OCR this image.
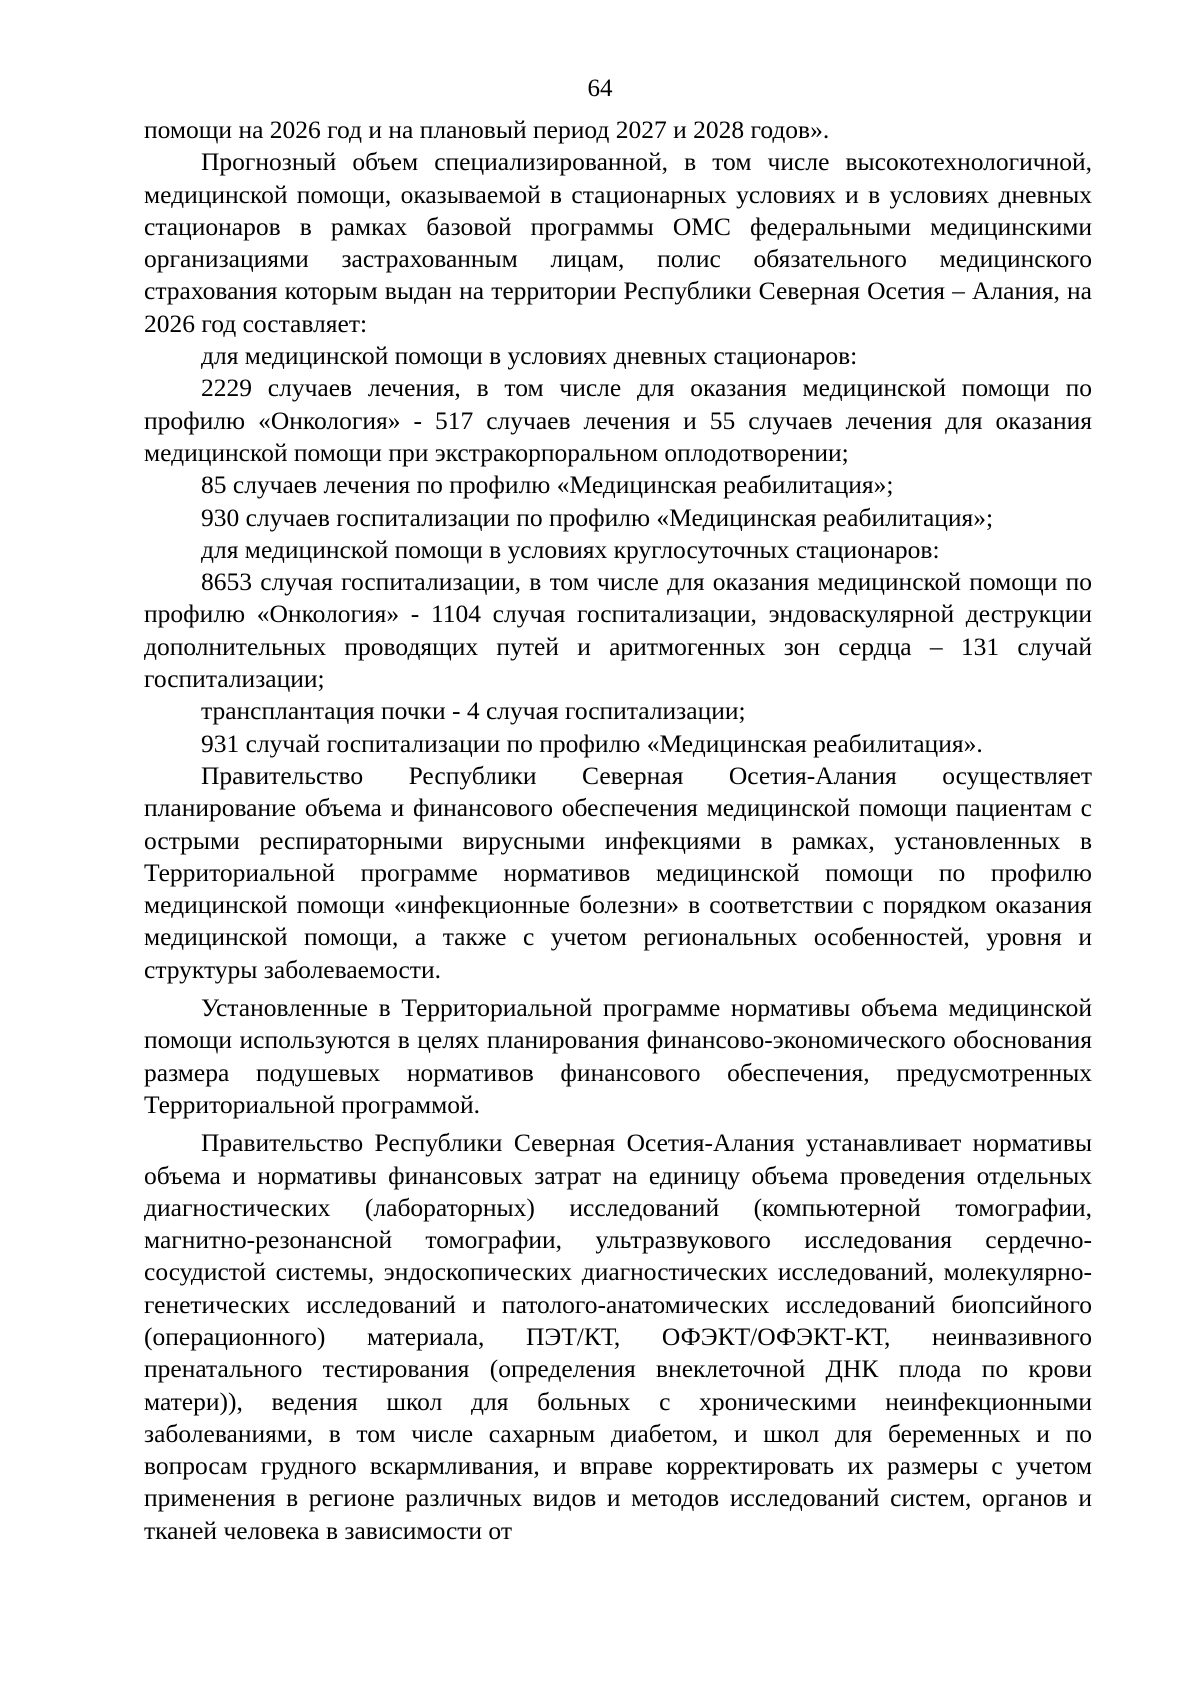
64

помощи на 2026 год и на плановый период 2027 и 2028 годов».

Прогнозный объем специализированной, в том числе высокотехнологичной, медицинской помощи, оказываемой в стационарных условиях и в условиях дневных стационаров в рамках базовой программы ОМС федеральными медицинскими организациями застрахованным лицам, полис обязательного медицинского страхования которым выдан на территории Республики Северная Осетия – Алания, на 2026 год составляет:

для медицинской помощи в условиях дневных стационаров:

2229 случаев лечения, в том числе для оказания медицинской помощи по профилю «Онкология» - 517 случаев лечения и 55 случаев лечения для оказания медицинской помощи при экстракорпоральном оплодотворении;

85 случаев лечения по профилю «Медицинская реабилитация»;

930 случаев госпитализации по профилю «Медицинская реабилитация»;

для медицинской помощи в условиях круглосуточных стационаров:

8653 случая госпитализации, в том числе для оказания медицинской помощи по профилю «Онкология» - 1104 случая госпитализации, эндоваскулярной деструкции дополнительных проводящих путей и аритмогенных зон сердца – 131 случай госпитализации;

трансплантация почки - 4 случая госпитализации;

931 случай госпитализации по профилю «Медицинская реабилитация».

Правительство Республики Северная Осетия-Алания осуществляет планирование объема и финансового обеспечения медицинской помощи пациентам с острыми респираторными вирусными инфекциями в рамках, установленных в Территориальной программе нормативов медицинской помощи по профилю медицинской помощи «инфекционные болезни» в соответствии с порядком оказания медицинской помощи, а также с учетом региональных особенностей, уровня и структуры заболеваемости.

Установленные в Территориальной программе нормативы объема медицинской помощи используются в целях планирования финансово-экономического обоснования размера подушевых нормативов финансового обеспечения, предусмотренных Территориальной программой.

Правительство Республики Северная Осетия-Алания устанавливает нормативы объема и нормативы финансовых затрат на единицу объема проведения отдельных диагностических (лабораторных) исследований (компьютерной томографии, магнитно-резонансной томографии, ультразвукового исследования сердечно-сосудистой системы, эндоскопических диагностических исследований, молекулярно-генетических исследований и патолого-анатомических исследований биопсийного (операционного) материала, ПЭТ/КТ, ОФЭКТ/ОФЭКТ-КТ, неинвазивного пренатального тестирования (определения внеклеточной ДНК плода по крови матери)), ведения школ для больных с хроническими неинфекционными заболеваниями, в том числе сахарным диабетом, и школ для беременных и по вопросам грудного вскармливания, и вправе корректировать их размеры с учетом применения в регионе различных видов и методов исследований систем, органов и тканей человека в зависимости от
